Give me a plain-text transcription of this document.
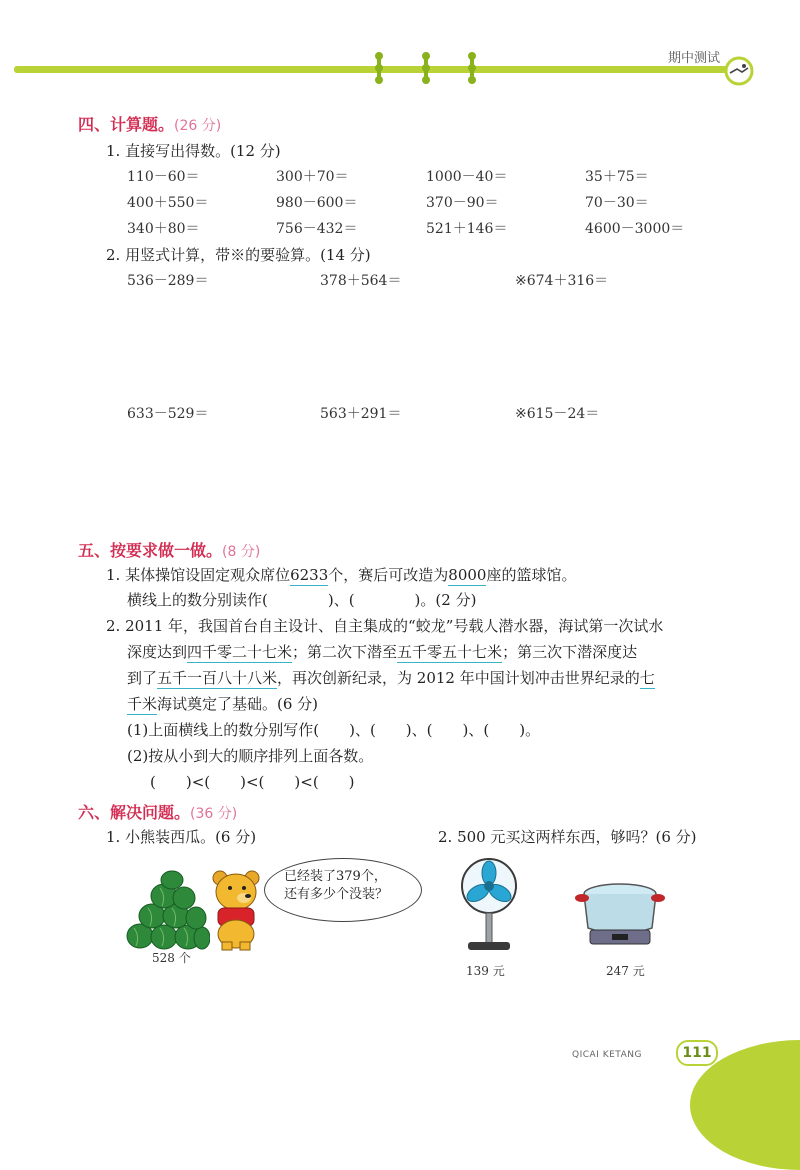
期中测试
四、计算题。(26 分)
1. 直接写出得数。(12 分)
110－60＝	300＋70＝	1000－40＝	35＋75＝
400＋550＝	980－600＝	370－90＝	70－30＝
340＋80＝	756－432＝	521＋146＝	4600－3000＝
2. 用竖式计算，带※的要验算。(14 分)
536－289＝	378＋564＝	※674＋316＝
633－529＝	563＋291＝	※615－24＝
五、按要求做一做。(8 分)
1. 某体操馆设固定观众席位6233个，赛后可改造为8000座的篮球馆。
横线上的数分别读作(　　　　)、(　　　　)。(2 分)
2. 2011 年，我国首台自主设计、自主集成的“蛟龙”号载人潜水器，海试第一次试水
深度达到四千零二十七米；第二次下潜至五千零五十七米；第三次下潜深度达
到了五千一百八十八米，再次创新纪录，为 2012 年中国计划冲击世界纪录的七
千米海试奠定了基础。(6 分)
(1)上面横线上的数分别写作(　　)、(　　)、(　　)、(　　)。
(2)按从小到大的顺序排列上面各数。
(　　)<(　　)<(　　)<(　　)
六、解决问题。(36 分)
1. 小熊装西瓜。(6 分)	2. 500 元买这两样东西，够吗？(6 分)
已经装了379个，
还有多少个没装？
528 个
139 元	247 元
QICAI KETANG	111
